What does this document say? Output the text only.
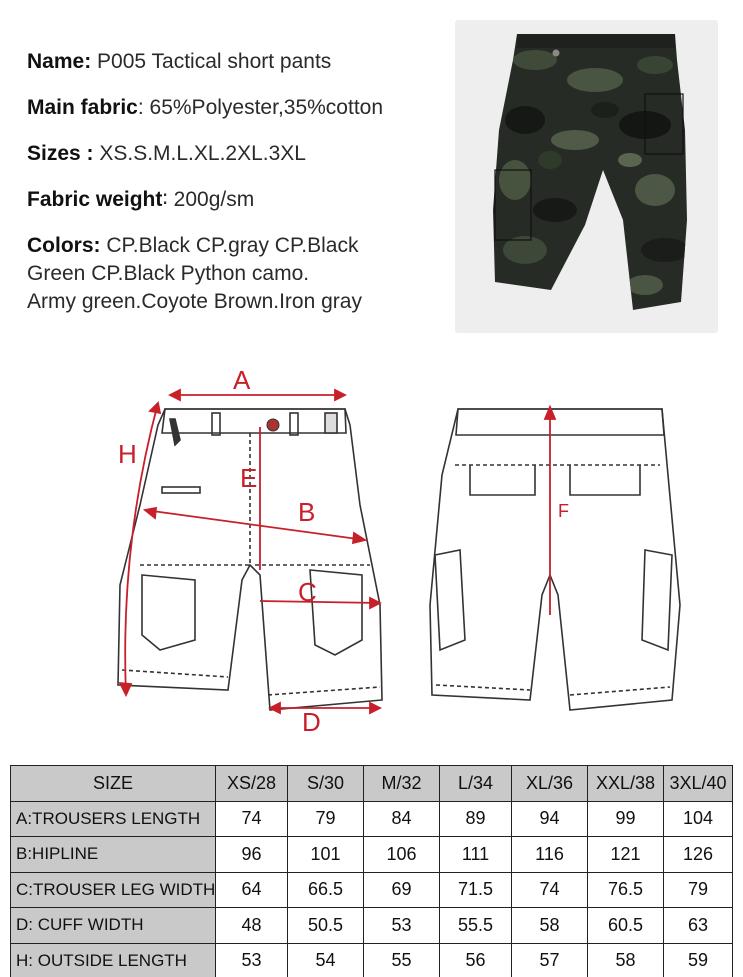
Name: P005 Tactical short pants
Main fabric: 65%Polyester,35%cotton
Sizes : XS.S.M.L.XL.2XL.3XL
Fabric weight∶ 200g/sm
Colors: CP.Black CP.gray CP.Black
Green CP.Black Python camo.
Army green.Coyote Brown.Iron gray
A
H
E
B
C
D
F
SIZE	XS/28	S/30	M/32	L/34	XL/36	XXL/38	3XL/40
A:TROUSERS LENGTH	74	79	84	89	94	99	104
B:HIPLINE	96	101	106	111	116	121	126
C:TROUSER LEG WIDTH	64	66.5	69	71.5	74	76.5	79
D: CUFF WIDTH	48	50.5	53	55.5	58	60.5	63
H: OUTSIDE LENGTH	53	54	55	56	57	58	59
